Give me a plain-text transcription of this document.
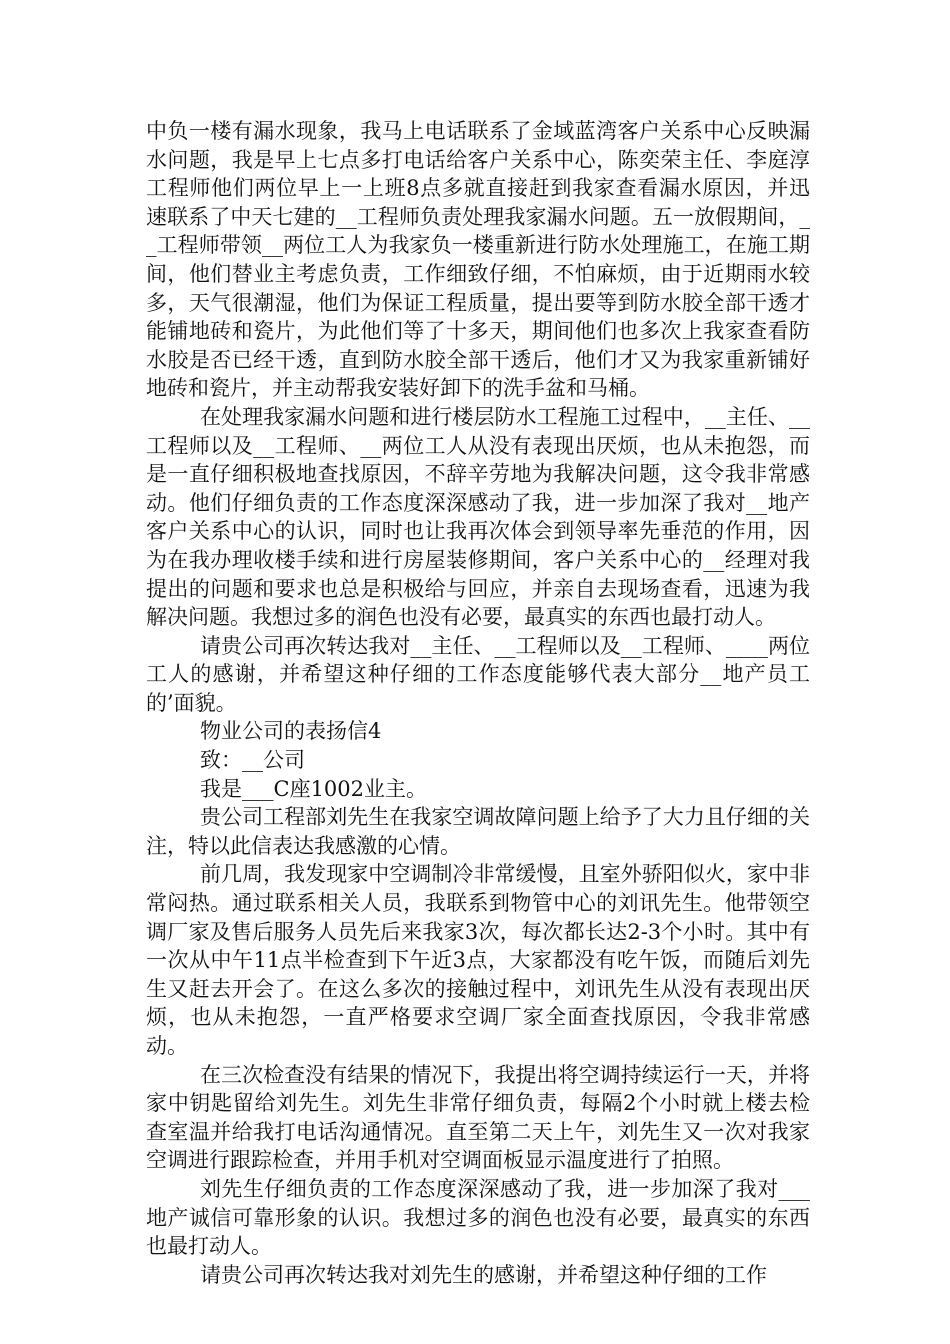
中负一楼有漏水现象，我马上电话联系了金域蓝湾客户关系中心反映漏水问题，我是早上七点多打电话给客户关系中心，陈奕荣主任、李庭淳工程师他们两位早上一上班8点多就直接赶到我家查看漏水原因，并迅速联系了中天七建的__工程师负责处理我家漏水问题。五一放假期间，__工程师带领__两位工人为我家负一楼重新进行防水处理施工，在施工期间，他们替业主考虑负责，工作细致仔细，不怕麻烦，由于近期雨水较多，天气很潮湿，他们为保证工程质量，提出要等到防水胶全部干透才能铺地砖和瓷片，为此他们等了十多天，期间他们也多次上我家查看防水胶是否已经干透，直到防水胶全部干透后，他们才又为我家重新铺好地砖和瓷片，并主动帮我安装好卸下的洗手盆和马桶。

在处理我家漏水问题和进行楼层防水工程施工过程中，__主任、__工程师以及__工程师、__两位工人从没有表现出厌烦，也从未抱怨，而是一直仔细积极地查找原因，不辞辛劳地为我解决问题，这令我非常感动。他们仔细负责的工作态度深深感动了我，进一步加深了我对__地产客户关系中心的认识，同时也让我再次体会到领导率先垂范的作用，因为在我办理收楼手续和进行房屋装修期间，客户关系中心的__经理对我提出的问题和要求也总是积极给与回应，并亲自去现场查看，迅速为我解决问题。我想过多的润色也没有必要，最真实的东西也最打动人。

请贵公司再次转达我对__主任、__工程师以及__工程师、____两位工人的感谢，并希望这种仔细的工作态度能够代表大部分__地产员工的’面貌。

物业公司的表扬信4

致：__公司

我是___C座1002业主。

贵公司工程部刘先生在我家空调故障问题上给予了大力且仔细的关注，特以此信表达我感激的心情。

前几周，我发现家中空调制冷非常缓慢，且室外骄阳似火，家中非常闷热。通过联系相关人员，我联系到物管中心的刘讯先生。他带领空调厂家及售后服务人员先后来我家3次，每次都长达2-3个小时。其中有一次从中午11点半检查到下午近3点，大家都没有吃午饭，而随后刘先生又赶去开会了。在这么多次的接触过程中，刘讯先生从没有表现出厌烦，也从未抱怨，一直严格要求空调厂家全面查找原因，令我非常感动。

在三次检查没有结果的情况下，我提出将空调持续运行一天，并将家中钥匙留给刘先生。刘先生非常仔细负责，每隔2个小时就上楼去检查室温并给我打电话沟通情况。直至第二天上午，刘先生又一次对我家空调进行跟踪检查，并用手机对空调面板显示温度进行了拍照。

刘先生仔细负责的工作态度深深感动了我，进一步加深了我对___地产诚信可靠形象的认识。我想过多的润色也没有必要，最真实的东西也最打动人。

请贵公司再次转达我对刘先生的感谢，并希望这种仔细的工作
